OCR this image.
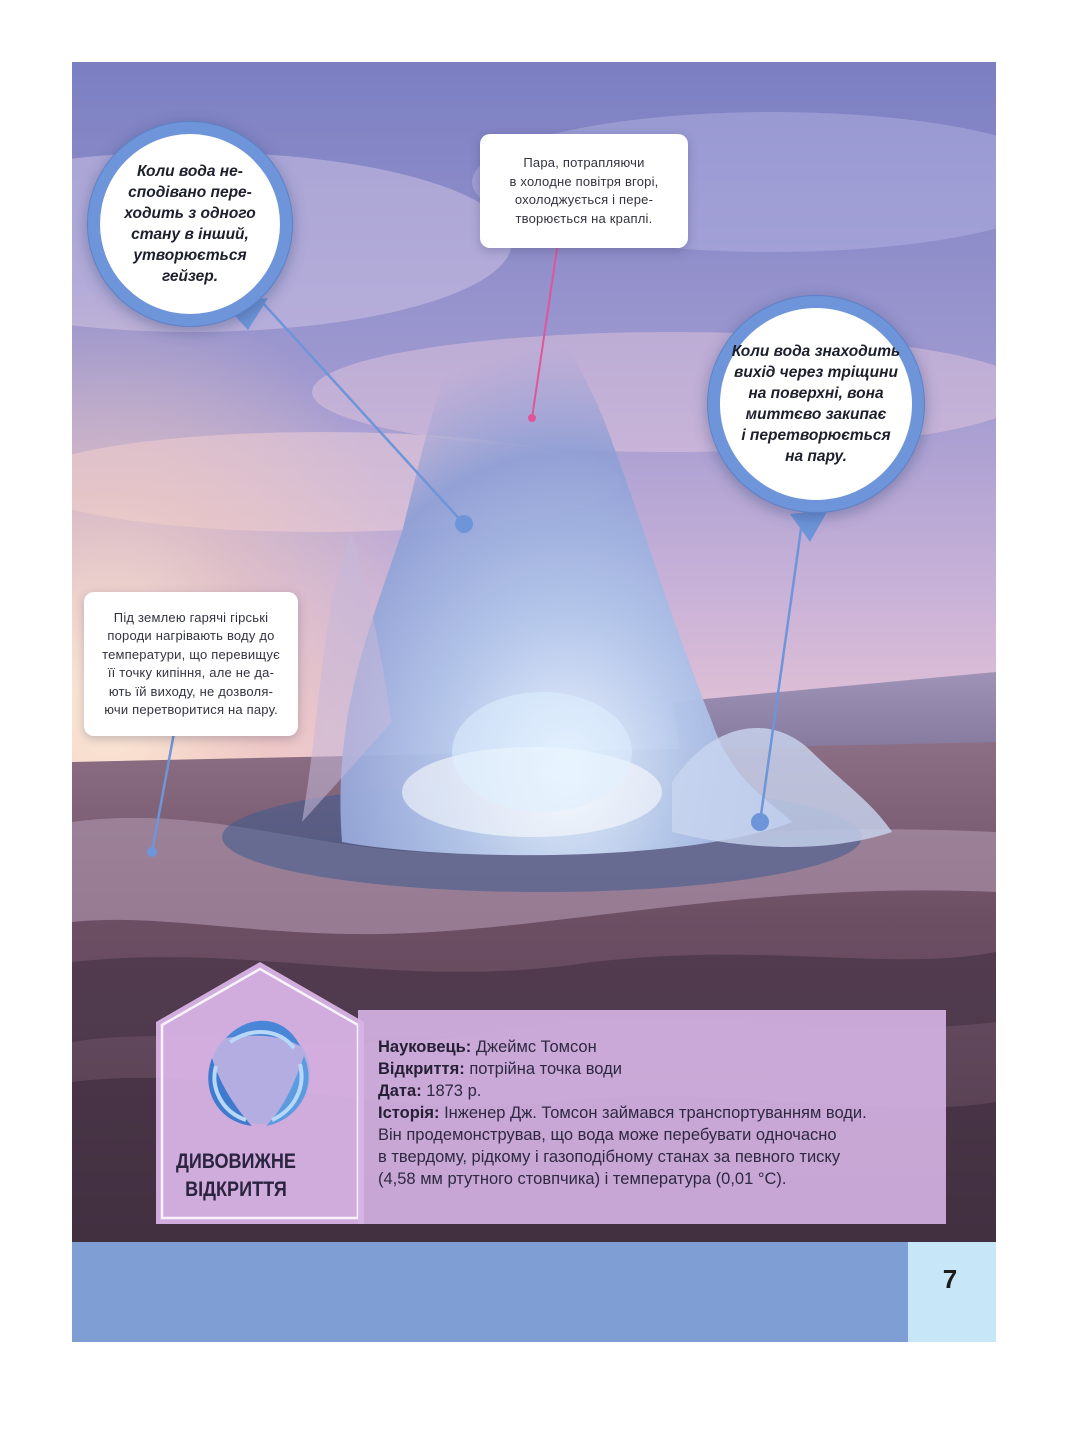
Коли вода не-
сподівано пере-
ходить з одного
стану в інший,
утворюється
гейзер.
Пара, потрапляючи
в холодне повітря вгорі,
охолоджується і пере-
творюється на краплі.
Коли вода знаходить
вихід через тріщини
на поверхні, вона
миттєво закипає
і перетворюється
на пару.
Під землею гарячі гірські
породи нагрівають воду до
температури, що перевищує
її точку кипіння, але не да-
ють їй виходу, не дозволя-
ючи перетворитися на пару.
ДИВОВИЖНЕ
ВІДКРИТТЯ
Науковець: Джеймс Томсон
Відкриття: потрійна точка води
Дата: 1873 р.
Історія: Інженер Дж. Томсон займався транспортуванням води.
Він продемонстрував, що вода може перебувати одночасно
в твердому, рідкому і газоподібному станах за певного тиску
(4,58 мм ртутного стовпчика) і температура (0,01 °С).
7
